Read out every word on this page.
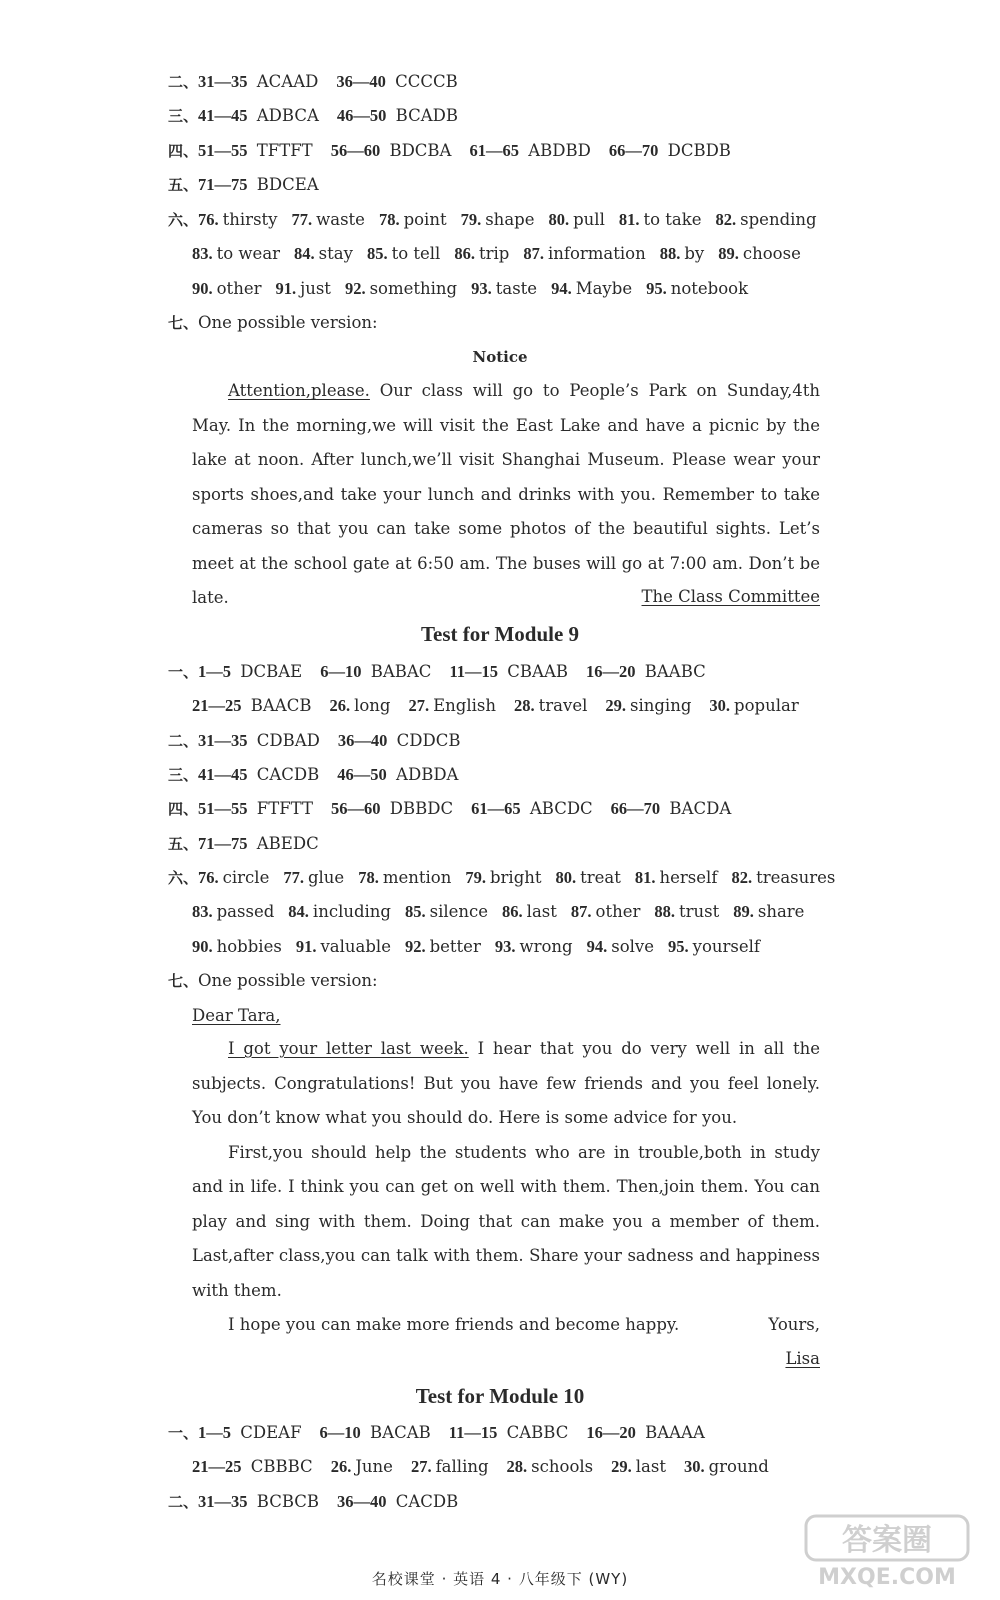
二、31—35 ACAAD 36—40 CCCCB
三、41—45 ADBCA 46—50 BCADB
四、51—55 TFTFT 56—60 BDCBA 61—65 ABDBD 66—70 DCBDB
五、71—75 BDCEA
六、76. thirsty 77. waste 78. point 79. shape 80. pull 81. to take 82. spending
83. to wear 84. stay 85. to tell 86. trip 87. information 88. by 89. choose
90. other 91. just 92. something 93. taste 94. Maybe 95. notebook
七、One possible version:
Notice

Attention,please. Our class will go to People’s Park on Sunday,4th May. In the morning,we will visit the East Lake and have a picnic by the lake at noon. After lunch,we’ll visit Shanghai Museum. Please wear your sports shoes,and take your lunch and drinks with you. Remember to take cameras so that you can take some photos of the beautiful sights. Let’s meet at the school gate at 6:50 am. The buses will go at 7:00 am. Don’t be late.	The Class Committee
Test for Module 9
一、1—5 DCBAE 6—10 BABAC 11—15 CBAAB 16—20 BAABC
21—25 BAACB 26. long 27. English 28. travel 29. singing 30. popular
二、31—35 CDBAD 36—40 CDDCB
三、41—45 CACDB 46—50 ADBDA
四、51—55 FTFTT 56—60 DBBDC 61—65 ABCDC 66—70 BACDA
五、71—75 ABEDC
六、76. circle 77. glue 78. mention 79. bright 80. treat 81. herself 82. treasures
83. passed 84. including 85. silence 86. last 87. other 88. trust 89. share
90. hobbies 91. valuable 92. better 93. wrong 94. solve 95. yourself
七、One possible version:
Dear Tara,

I got your letter last week. I hear that you do very well in all the subjects. Congratulations! But you have few friends and you feel lonely. You don’t know what you should do. Here is some advice for you.

First,you should help the students who are in trouble,both in study and in life. I think you can get on well with them. Then,join them. You can play and sing with them. Doing that can make you a member of them. Last,after class,you can talk with them. Share your sadness and happiness with them.

I hope you can make more friends and become happy.	Yours,
Lisa
Test for Module 10
一、1—5 CDEAF 6—10 BACAB 11—15 CABBC 16—20 BAAAA
21—25 CBBBC 26. June 27. falling 28. schools 29. last 30. ground
二、31—35 BCBCB 36—40 CACDB
名校课堂 · 英语 4 · 八年级下 (WY)
答案圈
MXQE.COM
